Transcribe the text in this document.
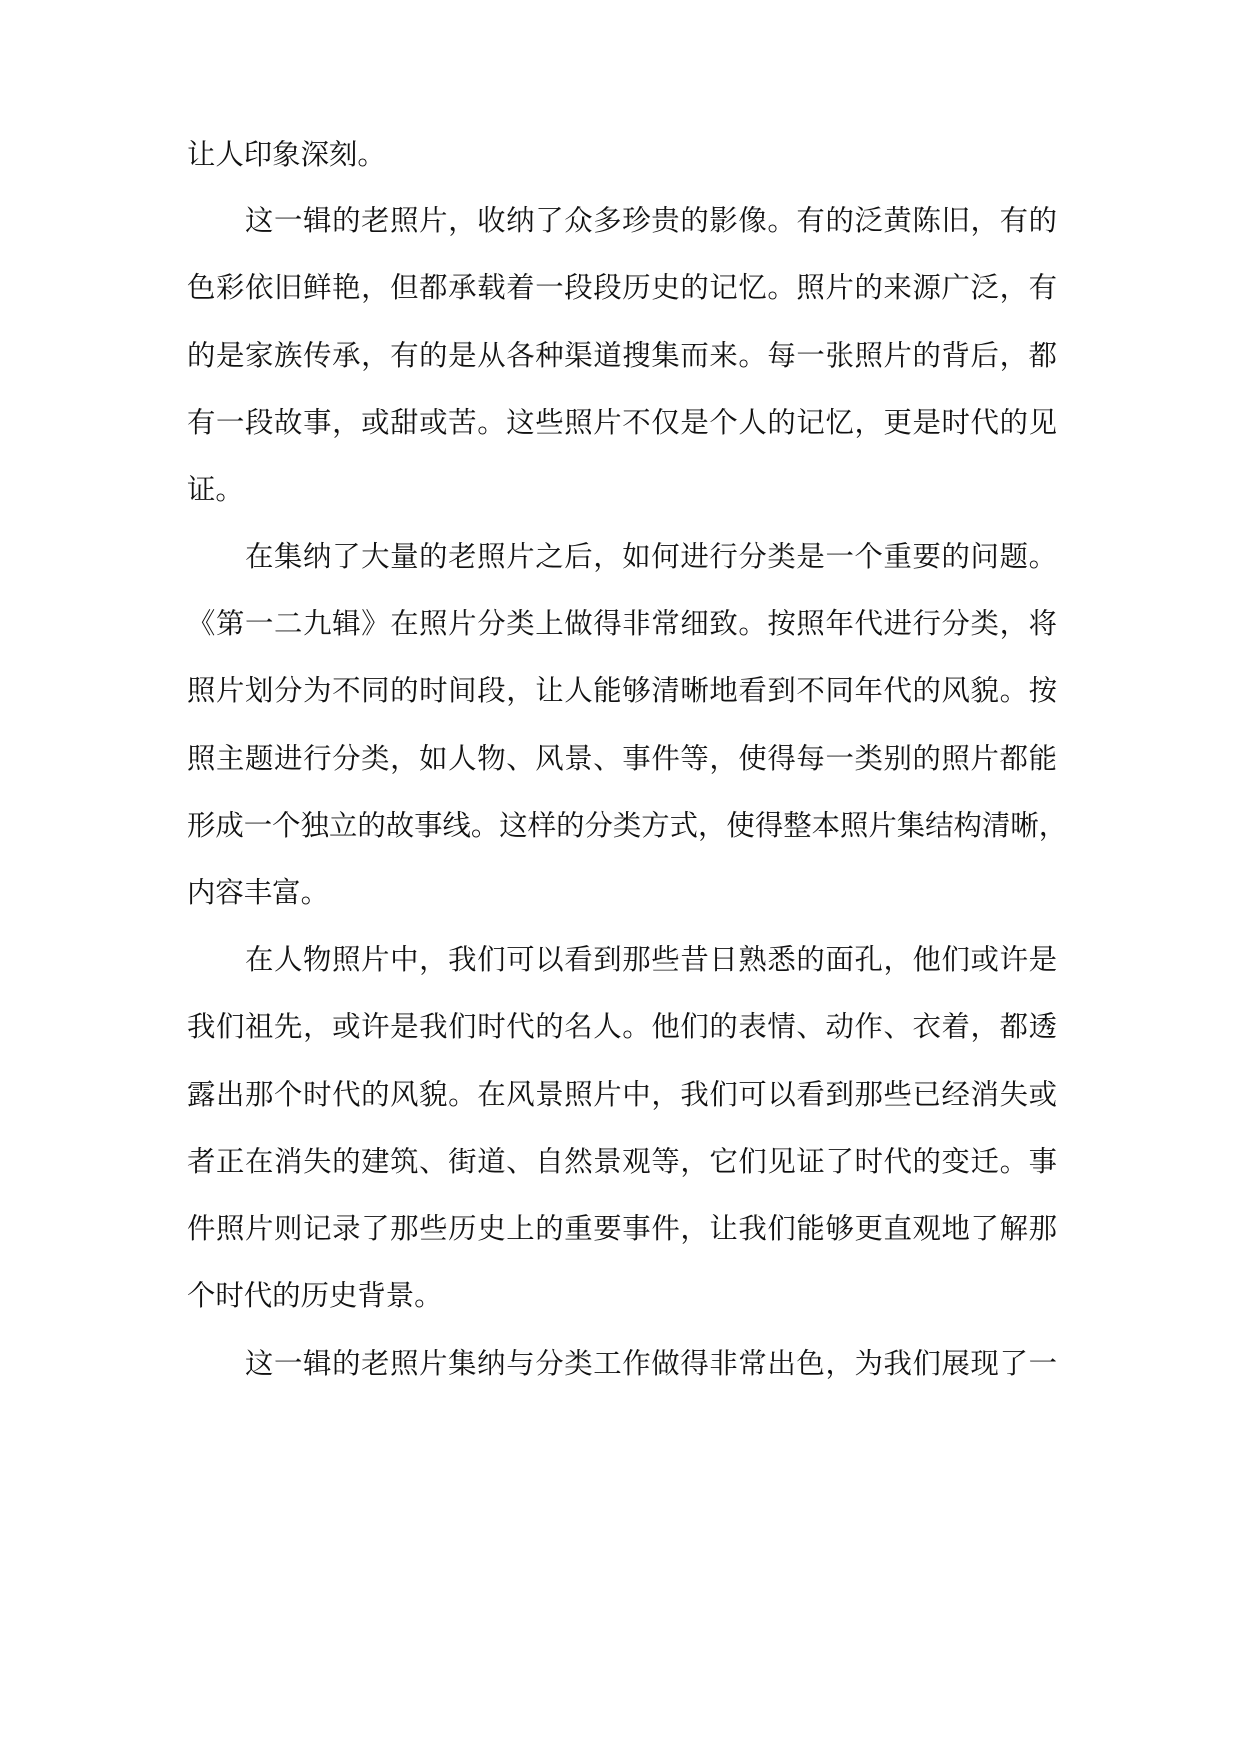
让人印象深刻。
这一辑的老照片，收纳了众多珍贵的影像。有的泛黄陈旧，有的
色彩依旧鲜艳，但都承载着一段段历史的记忆。照片的来源广泛，有
的是家族传承，有的是从各种渠道搜集而来。每一张照片的背后，都
有一段故事，或甜或苦。这些照片不仅是个人的记忆，更是时代的见
证。
在集纳了大量的老照片之后，如何进行分类是一个重要的问题。
《第一二九辑》在照片分类上做得非常细致。按照年代进行分类，将
照片划分为不同的时间段，让人能够清晰地看到不同年代的风貌。按
照主题进行分类，如人物、风景、事件等，使得每一类别的照片都能
形成一个独立的故事线。这样的分类方式，使得整本照片集结构清晰，
内容丰富。
在人物照片中，我们可以看到那些昔日熟悉的面孔，他们或许是
我们祖先，或许是我们时代的名人。他们的表情、动作、衣着，都透
露出那个时代的风貌。在风景照片中，我们可以看到那些已经消失或
者正在消失的建筑、街道、自然景观等，它们见证了时代的变迁。事
件照片则记录了那些历史上的重要事件，让我们能够更直观地了解那
个时代的历史背景。
这一辑的老照片集纳与分类工作做得非常出色，为我们展现了一
